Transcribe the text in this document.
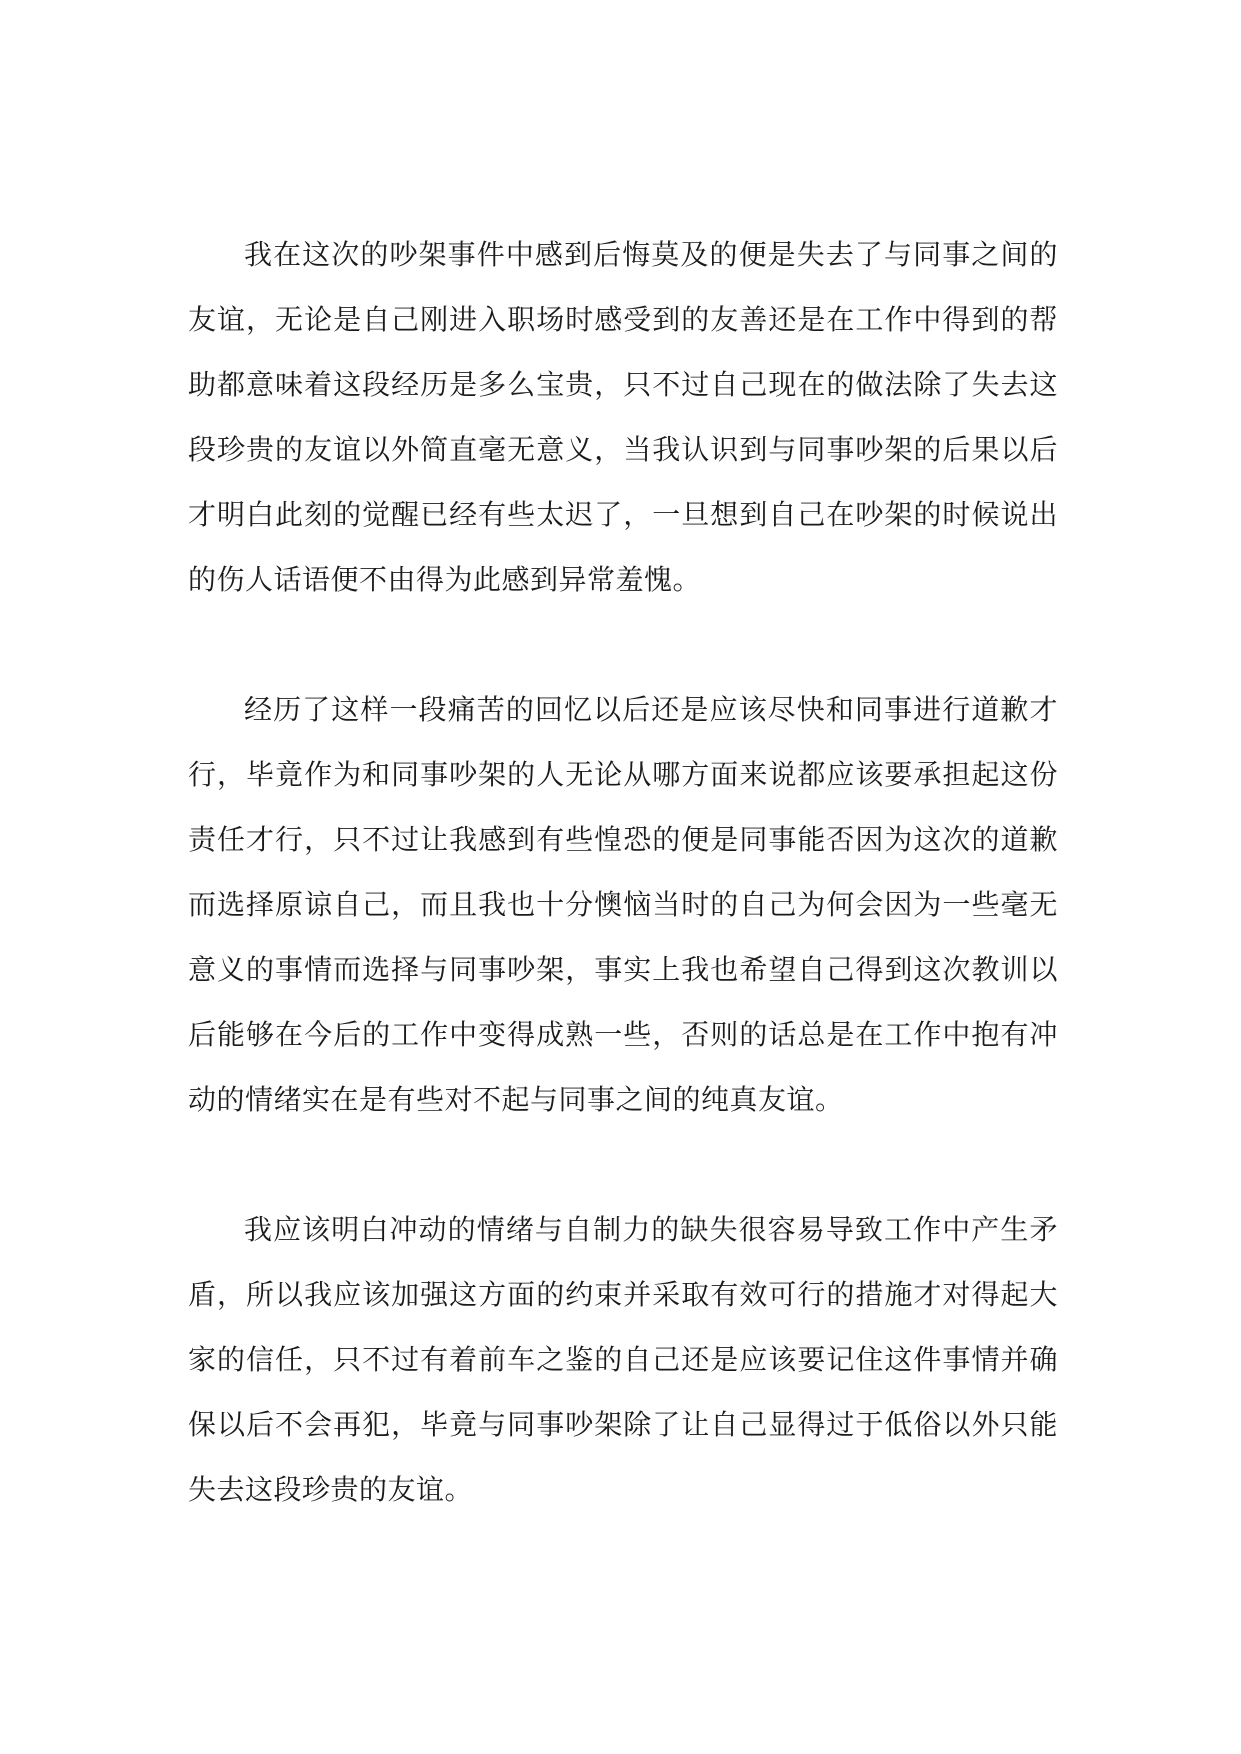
我在这次的吵架事件中感到后悔莫及的便是失去了与同事之间的友谊，无论是自己刚进入职场时感受到的友善还是在工作中得到的帮助都意味着这段经历是多么宝贵，只不过自己现在的做法除了失去这段珍贵的友谊以外简直毫无意义，当我认识到与同事吵架的后果以后才明白此刻的觉醒已经有些太迟了，一旦想到自己在吵架的时候说出的伤人话语便不由得为此感到异常羞愧。

经历了这样一段痛苦的回忆以后还是应该尽快和同事进行道歉才行，毕竟作为和同事吵架的人无论从哪方面来说都应该要承担起这份责任才行，只不过让我感到有些惶恐的便是同事能否因为这次的道歉而选择原谅自己，而且我也十分懊恼当时的自己为何会因为一些毫无意义的事情而选择与同事吵架，事实上我也希望自己得到这次教训以后能够在今后的工作中变得成熟一些，否则的话总是在工作中抱有冲动的情绪实在是有些对不起与同事之间的纯真友谊。

我应该明白冲动的情绪与自制力的缺失很容易导致工作中产生矛盾，所以我应该加强这方面的约束并采取有效可行的措施才对得起大家的信任，只不过有着前车之鉴的自己还是应该要记住这件事情并确保以后不会再犯，毕竟与同事吵架除了让自己显得过于低俗以外只能失去这段珍贵的友谊。
